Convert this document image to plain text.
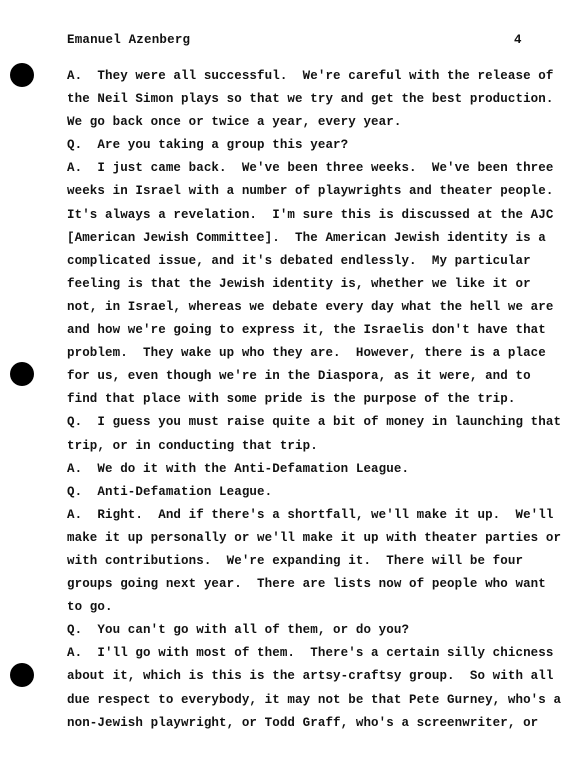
Emanuel Azenberg	4
A.  They were all successful.  We're careful with the release of
the Neil Simon plays so that we try and get the best production.
We go back once or twice a year, every year.
Q.  Are you taking a group this year?
A.  I just came back.  We've been three weeks.  We've been three
weeks in Israel with a number of playwrights and theater people.
It's always a revelation.  I'm sure this is discussed at the AJC
[American Jewish Committee].  The American Jewish identity is a
complicated issue, and it's debated endlessly.  My particular
feeling is that the Jewish identity is, whether we like it or
not, in Israel, whereas we debate every day what the hell we are
and how we're going to express it, the Israelis don't have that
problem.  They wake up who they are.  However, there is a place
for us, even though we're in the Diaspora, as it were, and to
find that place with some pride is the purpose of the trip.
Q.  I guess you must raise quite a bit of money in launching that
trip, or in conducting that trip.
A.  We do it with the Anti-Defamation League.
Q.  Anti-Defamation League.
A.  Right.  And if there's a shortfall, we'll make it up.  We'll
make it up personally or we'll make it up with theater parties or
with contributions.  We're expanding it.  There will be four
groups going next year.  There are lists now of people who want
to go.
Q.  You can't go with all of them, or do you?
A.  I'll go with most of them.  There's a certain silly chicness
about it, which is this is the artsy-craftsy group.  So with all
due respect to everybody, it may not be that Pete Gurney, who's a
non-Jewish playwright, or Todd Graff, who's a screenwriter, or
